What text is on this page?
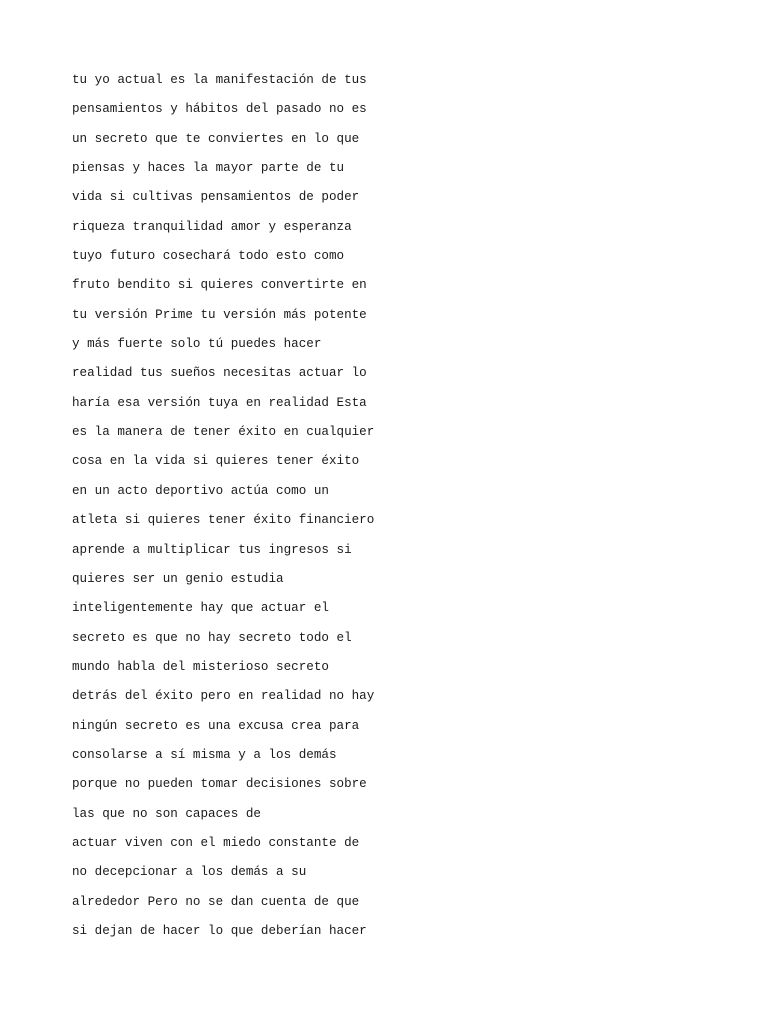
tu yo actual es la manifestación de tus
pensamientos y hábitos del pasado no es
un secreto que te conviertes en lo que
piensas y haces la mayor parte de tu
vida si cultivas pensamientos de poder
riqueza tranquilidad amor y esperanza
tuyo futuro cosechará todo esto como
fruto bendito si quieres convertirte en
tu versión Prime tu versión más potente
y más fuerte solo tú puedes hacer
realidad tus sueños necesitas actuar lo
haría esa versión tuya en realidad Esta
es la manera de tener éxito en cualquier
cosa en la vida si quieres tener éxito
en un acto deportivo actúa como un
atleta si quieres tener éxito financiero
aprende a multiplicar tus ingresos si
quieres ser un genio estudia
inteligentemente hay que actuar el
secreto es que no hay secreto todo el
mundo habla del misterioso secreto
detrás del éxito pero en realidad no hay
ningún secreto es una excusa crea para
consolarse a sí misma y a los demás
porque no pueden tomar decisiones sobre
las que no son capaces de
actuar viven con el miedo constante de
no decepcionar a los demás a su
alrededor Pero no se dan cuenta de que
si dejan de hacer lo que deberían hacer
